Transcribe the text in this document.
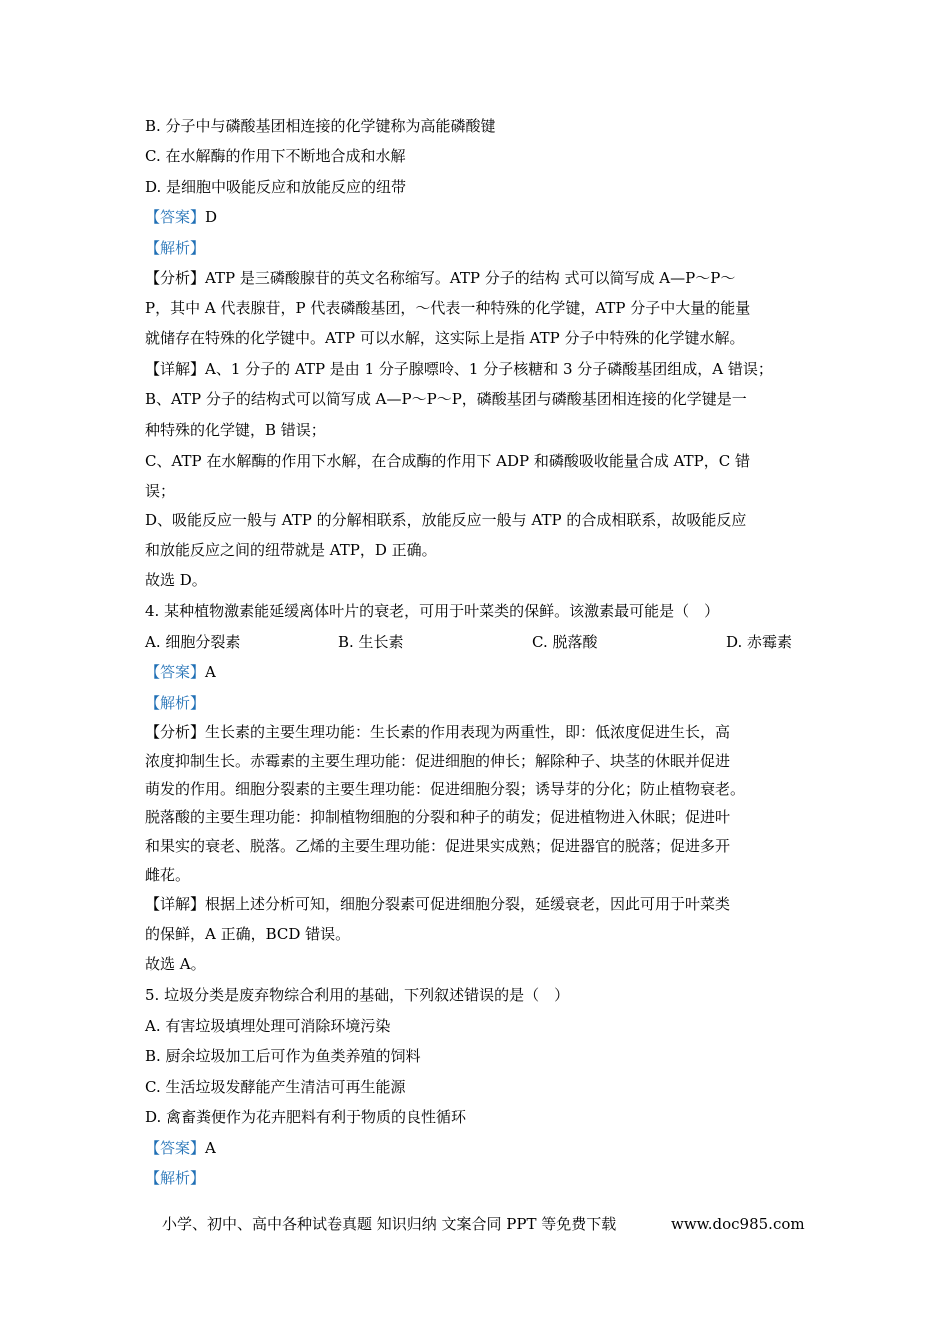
B. 分子中与磷酸基团相连接的化学键称为高能磷酸键
C. 在水解酶的作用下不断地合成和水解
D. 是细胞中吸能反应和放能反应的纽带
【答案】D
【解析】
【分析】ATP 是三磷酸腺苷的英文名称缩写。ATP 分子的结构 式可以简写成 A—P～P～
P，其中 A 代表腺苷，P 代表磷酸基团，～代表一种特殊的化学键，ATP 分子中大量的能量
就储存在特殊的化学键中。ATP 可以水解，这实际上是指 ATP 分子中特殊的化学键水解。
【详解】A、1 分子的 ATP 是由 1 分子腺嘌呤、1 分子核糖和 3 分子磷酸基团组成，A 错误；
B、ATP 分子的结构式可以简写成 A—P～P～P，磷酸基团与磷酸基团相连接的化学键是一
种特殊的化学键，B 错误；
C、ATP 在水解酶的作用下水解，在合成酶的作用下 ADP 和磷酸吸收能量合成 ATP，C 错
误；
D、吸能反应一般与 ATP 的分解相联系，放能反应一般与 ATP 的合成相联系，故吸能反应
和放能反应之间的纽带就是 ATP，D 正确。
故选 D。
4. 某种植物激素能延缓离体叶片的衰老，可用于叶菜类的保鲜。该激素最可能是（　）
A. 细胞分裂素	B. 生长素	C. 脱落酸	D. 赤霉素
【答案】A
【解析】
【分析】生长素的主要生理功能：生长素的作用表现为两重性，即：低浓度促进生长，高
浓度抑制生长。赤霉素的主要生理功能：促进细胞的伸长；解除种子、块茎的休眠并促进
萌发的作用。细胞分裂素的主要生理功能：促进细胞分裂；诱导芽的分化；防止植物衰老。
脱落酸的主要生理功能：抑制植物细胞的分裂和种子的萌发；促进植物进入休眠；促进叶
和果实的衰老、脱落。乙烯的主要生理功能：促进果实成熟；促进器官的脱落；促进多开
雌花。
【详解】根据上述分析可知，细胞分裂素可促进细胞分裂，延缓衰老，因此可用于叶菜类
的保鲜，A 正确，BCD 错误。
故选 A。
5. 垃圾分类是废弃物综合利用的基础，下列叙述错误的是（　）
A. 有害垃圾填埋处理可消除环境污染
B. 厨余垃圾加工后可作为鱼类养殖的饲料
C. 生活垃圾发酵能产生清洁可再生能源
D. 禽畜粪便作为花卉肥料有利于物质的良性循环
【答案】A
【解析】
小学、初中、高中各种试卷真题 知识归纳 文案合同 PPT 等免费下载	www.doc985.com
